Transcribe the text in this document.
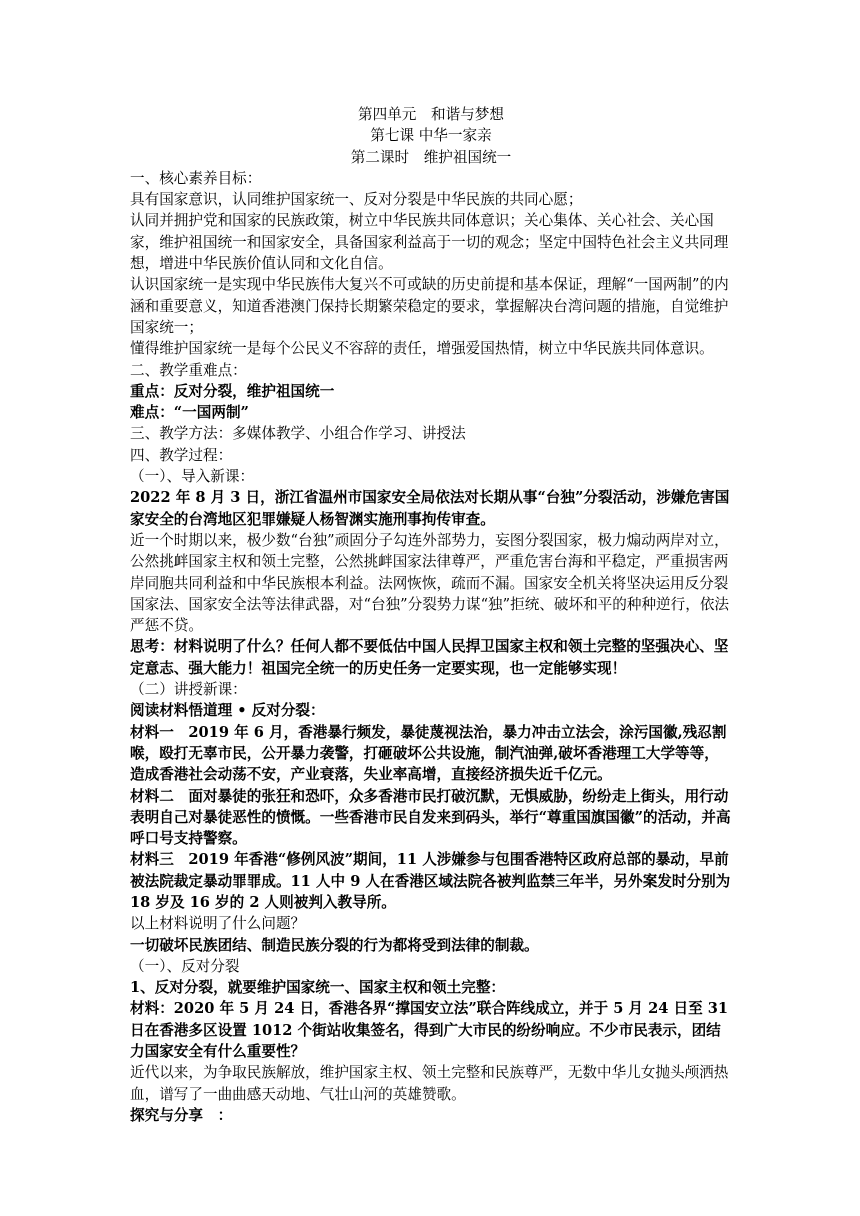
第四单元　和谐与梦想

第七课 中华一家亲

第二课时　维护祖国统一

一、核心素养目标：

具有国家意识，认同维护国家统一、反对分裂是中华民族的共同心愿；

认同并拥护党和国家的民族政策，树立中华民族共同体意识；关心集体、关心社会、关心国家，维护祖国统一和国家安全，具备国家利益高于一切的观念；坚定中国特色社会主义共同理想，增进中华民族价值认同和文化自信。

认识国家统一是实现中华民族伟大复兴不可或缺的历史前提和基本保证，理解“一国两制”的内涵和重要意义，知道香港澳门保持长期繁荣稳定的要求，掌握解决台湾问题的措施，自觉维护国家统一；

懂得维护国家统一是每个公民义不容辞的责任，增强爱国热情，树立中华民族共同体意识。

二、教学重难点：

重点：反对分裂，维护祖国统一

难点：“一国两制”

三、教学方法：多媒体教学、小组合作学习、讲授法

四、教学过程：

（一）、导入新课：

2022 年 8 月 3 日，浙江省温州市国家安全局依法对长期从事“台独”分裂活动，涉嫌危害国家安全的台湾地区犯罪嫌疑人杨智渊实施刑事拘传审查。

近一个时期以来，极少数“台独”顽固分子勾连外部势力，妄图分裂国家，极力煽动两岸对立，公然挑衅国家主权和领土完整，公然挑衅国家法律尊严，严重危害台海和平稳定，严重损害两岸同胞共同利益和中华民族根本利益。法网恢恢，疏而不漏。国家安全机关将坚决运用反分裂国家法、国家安全法等法律武器，对“台独”分裂势力谋“独”拒统、破坏和平的种种逆行，依法严惩不贷。

思考：材料说明了什么？任何人都不要低估中国人民捍卫国家主权和领土完整的坚强决心、坚定意志、强大能力！祖国完全统一的历史任务一定要实现，也一定能够实现！

（二）讲授新课：

阅读材料悟道理 • 反对分裂：

材料一　2019 年 6 月，香港暴行频发，暴徒蔑视法治，暴力冲击立法会，涂污国徽,残忍割喉，殴打无辜市民，公开暴力袭警，打砸破坏公共设施，制汽油弹,破坏香港理工大学等等，造成香港社会动荡不安，产业衰落，失业率高增，直接经济损失近千亿元。

材料二　面对暴徒的张狂和恐吓，众多香港市民打破沉默，无惧威胁，纷纷走上街头，用行动表明自己对暴徒恶性的愤慨。一些香港市民自发来到码头，举行“尊重国旗国徽”的活动，并高呼口号支持警察。

材料三　2019 年香港“修例风波”期间，11 人涉嫌参与包围香港特区政府总部的暴动，早前被法院裁定暴动罪罪成。11 人中 9 人在香港区域法院各被判监禁三年半，另外案发时分别为 18 岁及 16 岁的 2 人则被判入教导所。

以上材料说明了什么问题？

一切破坏民族团结、制造民族分裂的行为都将受到法律的制裁。

（一）、反对分裂

1、反对分裂，就要维护国家统一、国家主权和领土完整：

材料：2020 年 5 月 24 日，香港各界“撑国安立法”联合阵线成立，并于 5 月 24 日至 31 日在香港多区设置 1012 个街站收集签名，得到广大市民的纷纷响应。不少市民表示，团结力国家安全有什么重要性？

近代以来，为争取民族解放，维护国家主权、领土完整和民族尊严，无数中华儿女抛头颅洒热血，谱写了一曲曲感天动地、气壮山河的英雄赞歌。

探究与分享　：
